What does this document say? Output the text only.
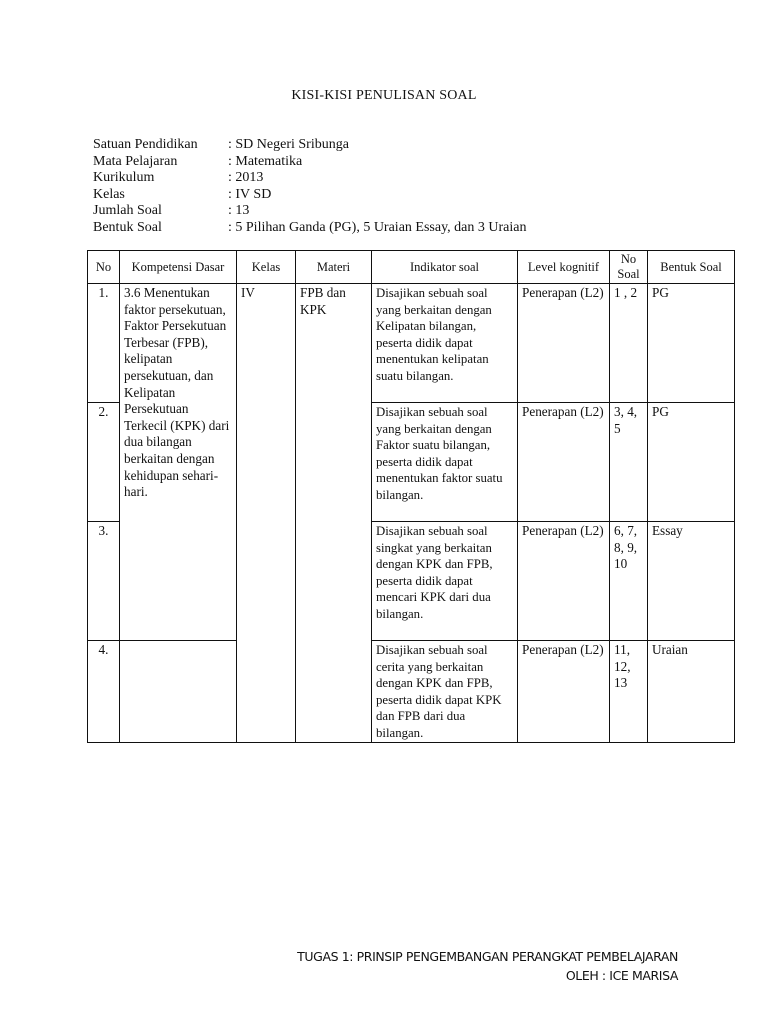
KISI-KISI PENULISAN SOAL
Satuan Pendidikan	: SD Negeri Sribunga
Mata Pelajaran	: Matematika
Kurikulum	: 2013
Kelas	: IV SD
Jumlah Soal	: 13
Bentuk Soal	: 5 Pilihan Ganda (PG), 5 Uraian Essay, dan 3 Uraian
No	Kompetensi Dasar	Kelas	Materi	Indikator soal	Level kognitif	No Soal	Bentuk Soal
1.	3.6 Menentukan faktor persekutuan, Faktor Persekutuan Terbesar (FPB), kelipatan persekutuan, dan Kelipatan Persekutuan Terkecil (KPK) dari dua bilangan berkaitan dengan kehidupan sehari-hari.	IV	FPB dan KPK	Disajikan sebuah soal yang berkaitan dengan Kelipatan bilangan, peserta didik dapat menentukan kelipatan suatu bilangan.	Penerapan (L2)	1 , 2	PG
2.				Disajikan sebuah soal yang berkaitan dengan Faktor suatu bilangan, peserta didik dapat menentukan faktor suatu bilangan.	Penerapan (L2)	3, 4, 5	PG
3.				Disajikan sebuah soal singkat yang berkaitan dengan KPK dan FPB, peserta didik dapat mencari KPK dari dua bilangan.	Penerapan (L2)	6, 7, 8, 9, 10	Essay
4.				Disajikan sebuah soal cerita yang berkaitan dengan KPK dan FPB, peserta didik dapat KPK dan FPB dari dua bilangan.	Penerapan (L2)	11, 12, 13	Uraian
TUGAS 1: PRINSIP PENGEMBANGAN PERANGKAT PEMBELAJARAN
OLEH : ICE MARISA
